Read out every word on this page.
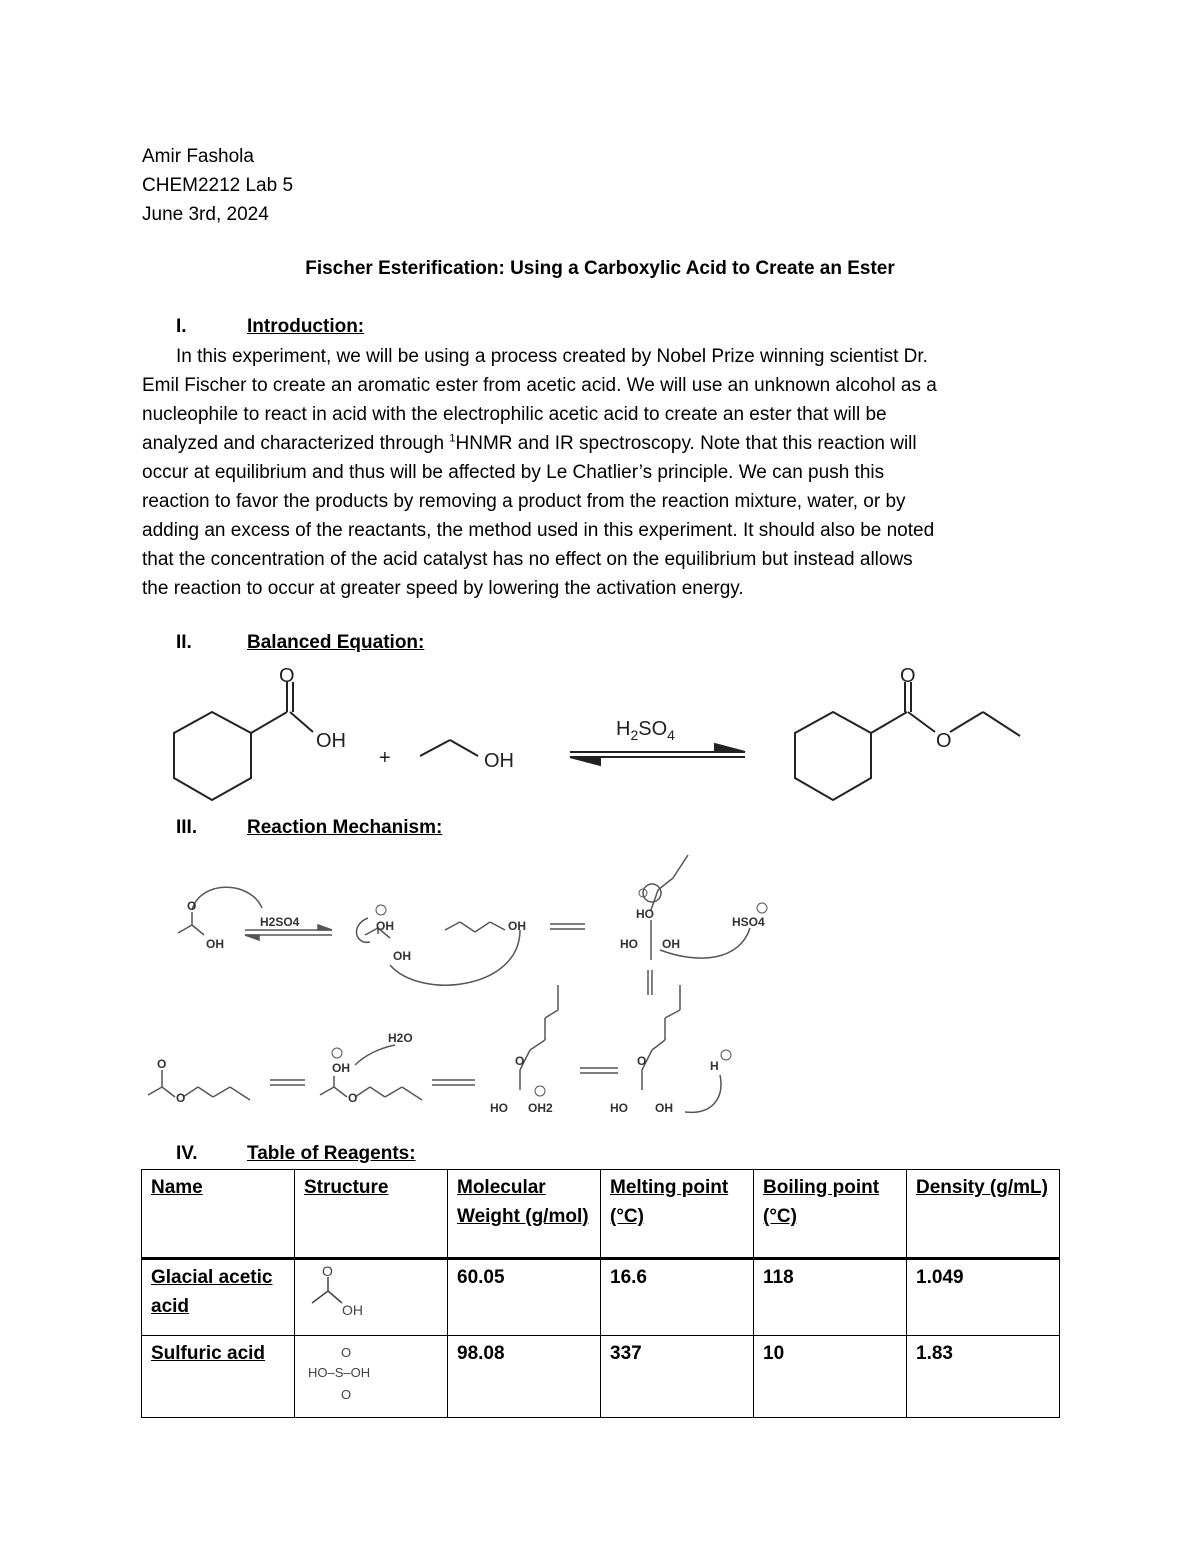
Amir Fashola
CHEM2212 Lab 5
June 3rd, 2024
Fischer Esterification: Using a Carboxylic Acid to Create an Ester
I.	Introduction:
In this experiment, we will be using a process created by Nobel Prize winning scientist Dr.
Emil Fischer to create an aromatic ester from acetic acid. We will use an unknown alcohol as a
nucleophile to react in acid with the electrophilic acetic acid to create an ester that will be
analyzed and characterized through $^1$HNMR and IR spectroscopy. Note that this reaction will
occur at equilibrium and thus will be affected by Le Chatlier’s principle. We can push this
reaction to favor the products by removing a product from the reaction mixture, water, or by
adding an excess of the reactants, the method used in this experiment. It should also be noted
that the concentration of the acid catalyst has no effect on the equilibrium but instead allows
the reaction to occur at greater speed by lowering the activation energy.
II.	Balanced Equation:
O
OH
+	OH
$H_2SO_4$
O
O
III.	Reaction Mechanism:
O
OH
H2SO4	OH
OH
OH
HO
HO OH
HSO4
O
O
H2O
OH
O
HO OH2
O
HO OH
O	H
IV.	Table of Reagents:
Name	Structure	Molecular Weight (g/mol)	Melting point (°C)	Boiling point (°C)	Density (g/mL)
Glacial acetic acid	O
OH	60.05	16.6	118	1.049
Sulfuric acid	O
HO–S–OH
O	98.08	337	10	1.83
